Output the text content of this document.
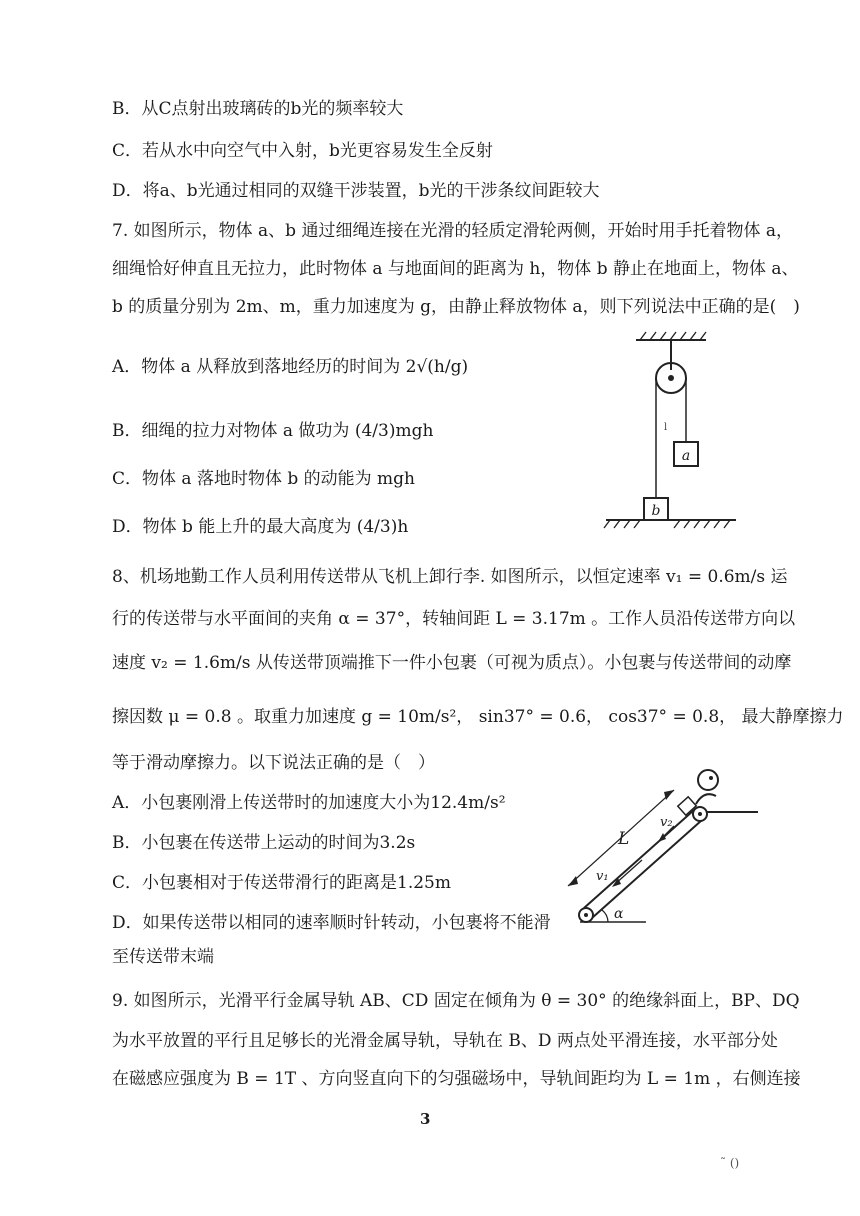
B．从C点射出玻璃砖的b光的频率较大
C．若从水中向空气中入射，b光更容易发生全反射
D．将a、b光通过相同的双缝干涉装置，b光的干涉条纹间距较大
7. 如图所示，物体 a、b 通过细绳连接在光滑的轻质定滑轮两侧，开始时用手托着物体 a，
细绳恰好伸直且无拉力，此时物体 a 与地面间的距离为 h，物体 b 静止在地面上，物体 a、
b 的质量分别为 2m、m，重力加速度为 g，由静止释放物体 a，则下列说法中正确的是(　)
A．物体 a 从释放到落地经历的时间为 2√(h/g)
B．细绳的拉力对物体 a 做功为 (4/3)mgh
C．物体 a 落地时物体 b 的动能为 mgh
D．物体 b 能上升的最大高度为 (4/3)h
a
l
b
8、机场地勤工作人员利用传送带从飞机上卸行李. 如图所示，以恒定速率 v₁ = 0.6m/s 运
行的传送带与水平面间的夹角 α = 37°，转轴间距 L = 3.17m 。工作人员沿传送带方向以
速度 v₂ = 1.6m/s 从传送带顶端推下一件小包裹（可视为质点）。小包裹与传送带间的动摩
擦因数 μ = 0.8 。取重力加速度 g = 10m/s²， sin37° = 0.6， cos37° = 0.8， 最大静摩擦力
等于滑动摩擦力。以下说法正确的是（　）
A．小包裹刚滑上传送带时的加速度大小为12.4m/s²
B．小包裹在传送带上运动的时间为3.2s
C．小包裹相对于传送带滑行的距离是1.25m
D．如果传送带以相同的速率顺时针转动，小包裹将不能滑
至传送带末端
α
L
v₁
v₂
9. 如图所示，光滑平行金属导轨 AB、CD 固定在倾角为 θ = 30° 的绝缘斜面上，BP、DQ
为水平放置的平行且足够长的光滑金属导轨，导轨在 B、D 两点处平滑连接，水平部分处
在磁感应强度为 B = 1T 、方向竖直向下的匀强磁场中，导轨间距均为 L = 1m ，右侧连接
3
˜ ()
